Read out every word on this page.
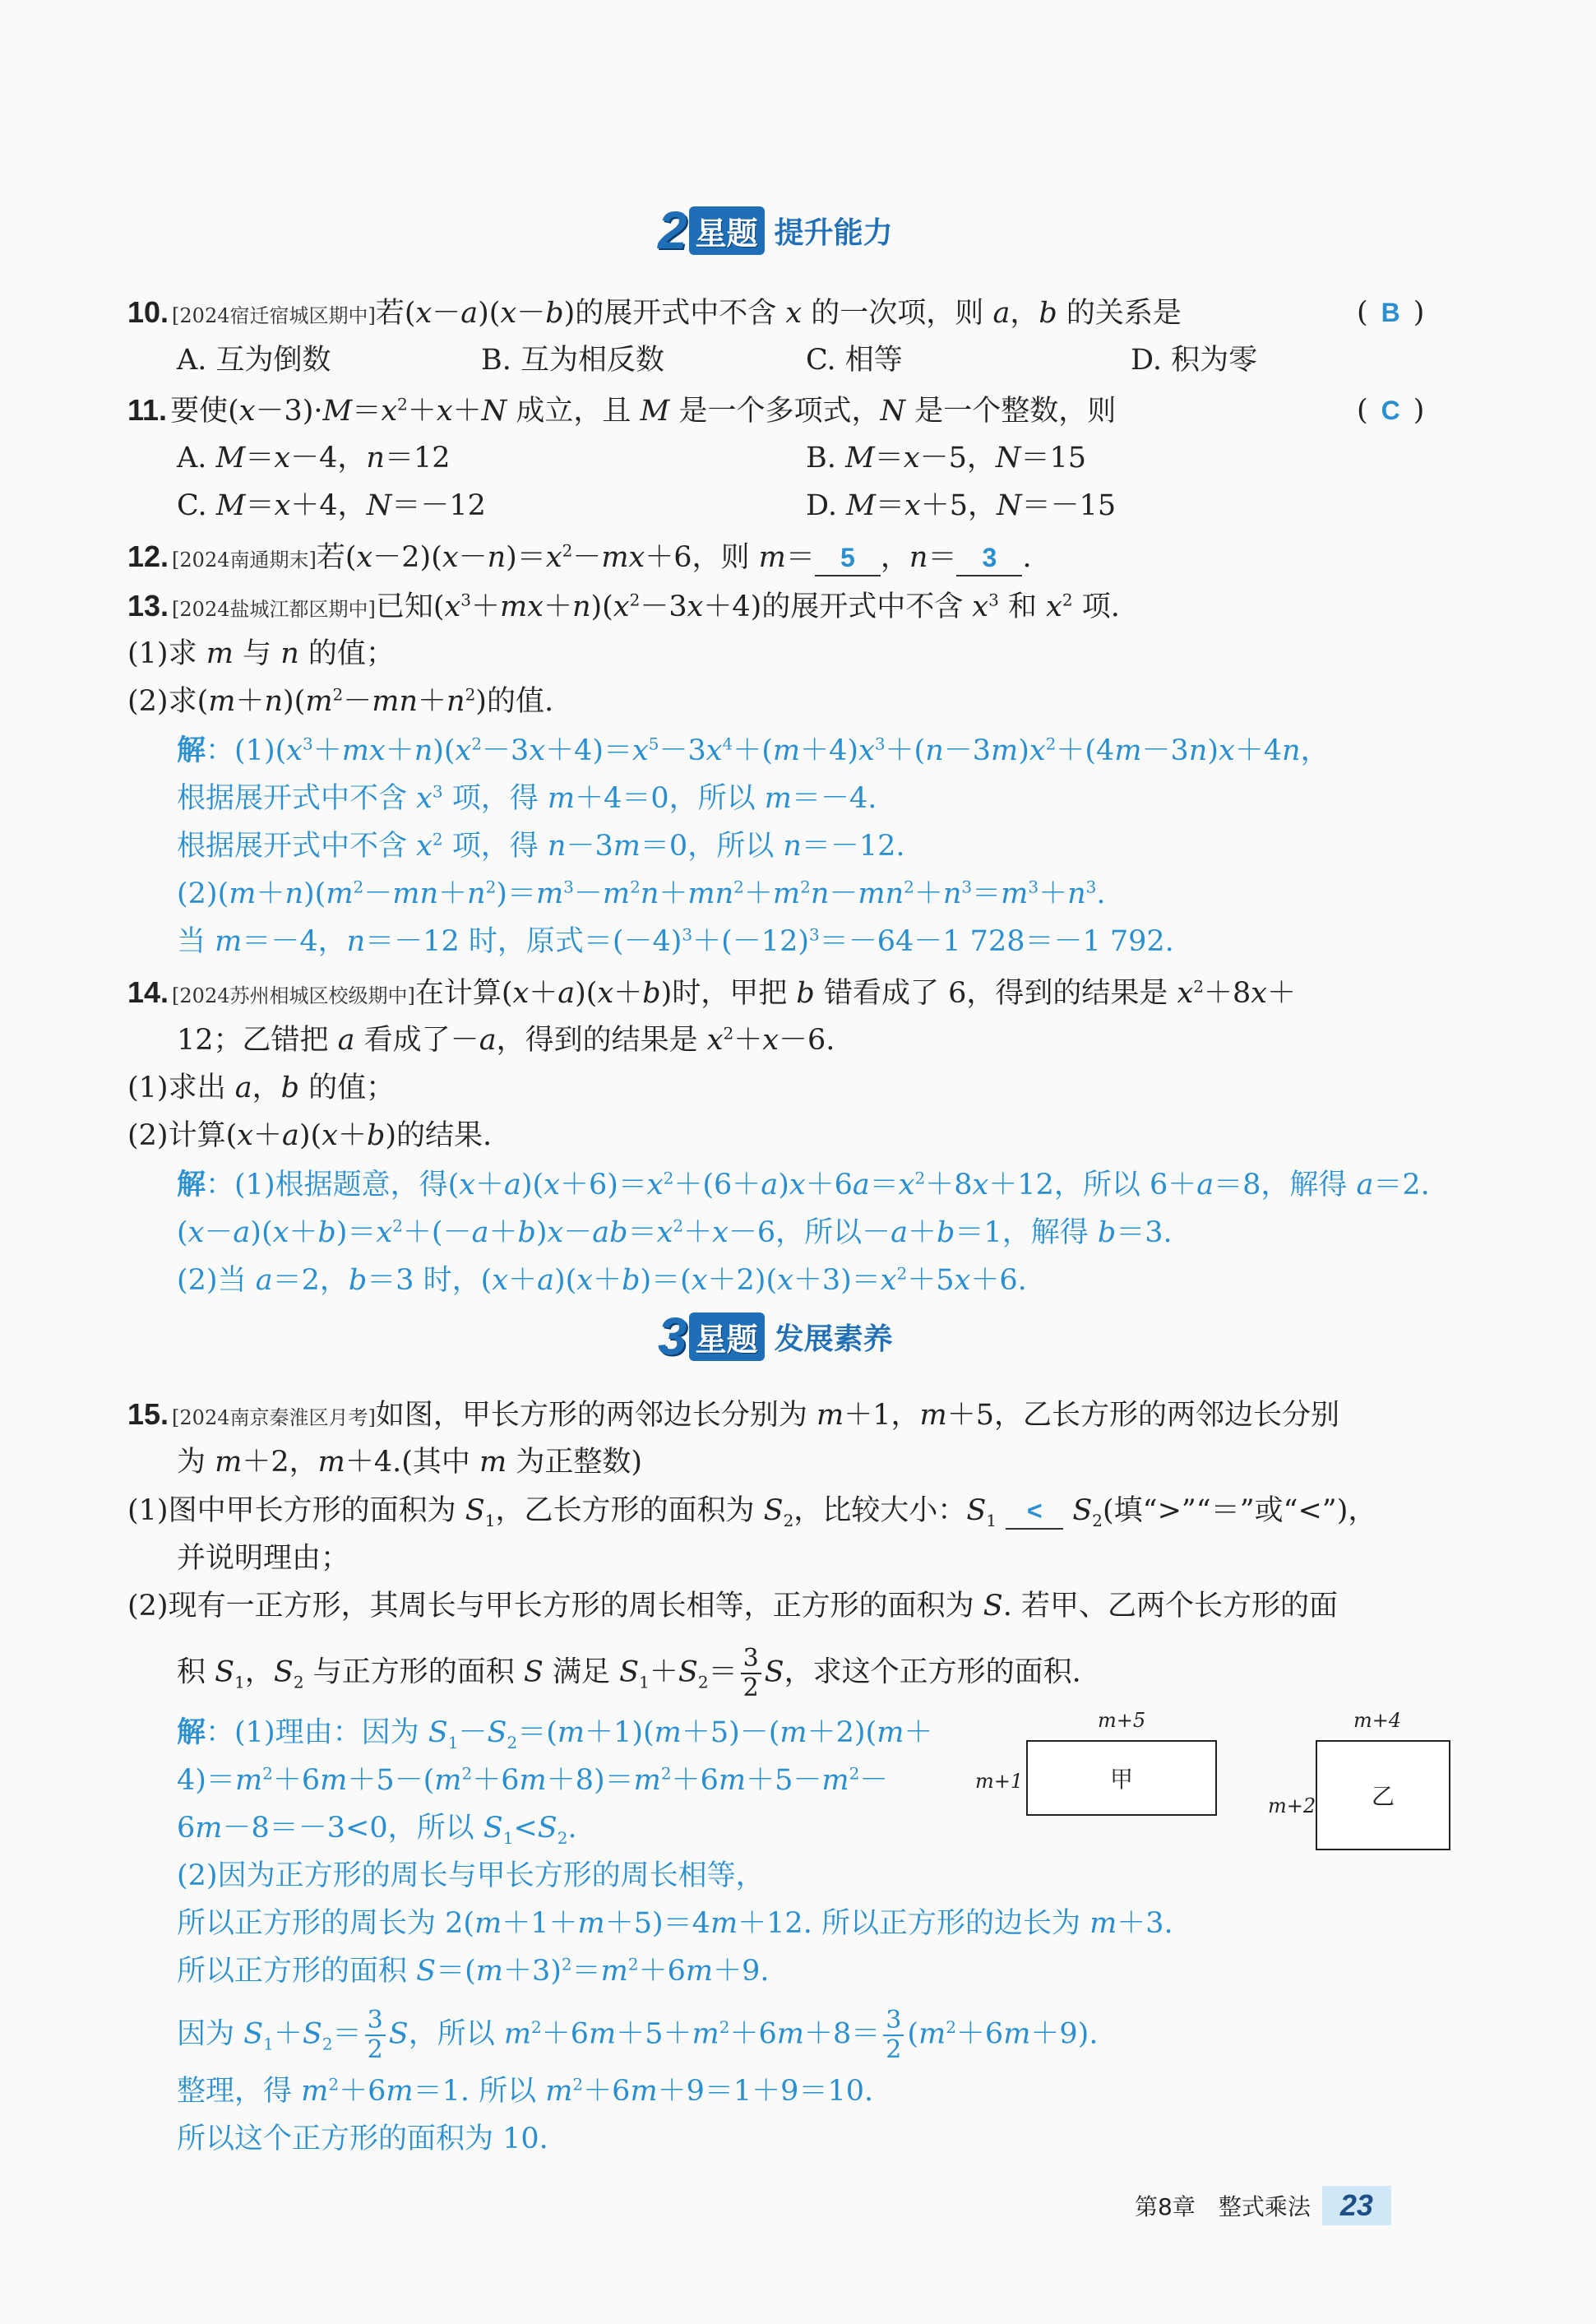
2 星题 提升能力
10. [2024宿迁宿城区期中]若(x－a)(x－b)的展开式中不含 x 的一次项，则 a，b 的关系是	( B )
A. 互为倒数	B. 互为相反数	C. 相等	D. 积为零
11. 要使$(x-3)\cdot M=x^2+x+N$ 成立，且 M 是一个多项式，N 是一个整数，则	( C )
A. M＝x－4，n＝12	B. M＝x－5，N＝15
C. M＝x＋4，N＝－12	D. M＝x＋5，N＝－15
12. [2024南通期末]若$(x-2)(x-n)=x^2-mx+6$，则 m＝ 5 ，n＝ 3 .
13. [2024盐城江都区期中]已知$(x^3+mx+n)(x^2-3x+4)$的展开式中不含 $x^3$ 和 $x^2$ 项.
(1)求 m 与 n 的值；
(2)求$(m+n)(m^2-mn+n^2)$的值.
解：$(1)(x^3+mx+n)(x^2-3x+4)=x^5-3x^4+(m+4)x^3+(n-3m)x^2+(4m-3n)x+4n$，
根据展开式中不含 $x^3$ 项，得 m＋4＝0，所以 m＝－4.
根据展开式中不含 $x^2$ 项，得 n－3m＝0，所以 n＝－12.
$(2)(m+n)(m^2-mn+n^2)=m^3-m^2n+mn^2+m^2n-mn^2+n^3=m^3+n^3$.
当 m＝－4，n＝－12 时，原式$=(-4)^3+(-12)^3=-64-1$ 728＝－1 792.
14. [2024苏州相城区校级期中]在计算(x＋a)(x＋b)时，甲把 b 错看成了 6，得到的结果是 $x^2+8x+$
12；乙错把 a 看成了－a，得到的结果是 $x^2+x-6$.
(1)求出 a，b 的值；
(2)计算(x＋a)(x＋b)的结果.
解：(1)根据题意，得$(x+a)(x+6)=x^2+(6+a)x+6a=x^2+8x+12$，所以 6＋a＝8，解得 a＝2.
$(x-a)(x+b)=x^2+(-a+b)x-ab=x^2+x-6$，所以－a＋b＝1，解得 b＝3.
(2)当 a＝2，b＝3 时，$(x+a)(x+b)=(x+2)(x+3)=x^2+5x+6$.
3 星题 发展素养
15. [2024南京秦淮区月考]如图，甲长方形的两邻边长分别为 m＋1，m＋5，乙长方形的两邻边长分别
为 m＋2，m＋4.(其中 m 为正整数)
(1)图中甲长方形的面积为 $S_1$，乙长方形的面积为 $S_2$，比较大小：$S_1 < S_2$(填“>”“＝”或“<”)，
并说明理由；
(2)现有一正方形，其周长与甲长方形的周长相等，正方形的面积为 S. 若甲、乙两个长方形的面
积 $S_1$，$S_2$ 与正方形的面积 S 满足 $S_1+S_2= \frac{3}{2}$ S，求这个正方形的面积.
解：(1)理由：因为 $S_1-S_2=(m+1)(m+5)-(m+2)(m+$
$4)=m^2+6m+5-(m^2+6m+8)=m^2+6m+5-m^2-$
6m－8＝－3<0，所以 $S_1<S_2$.
(2)因为正方形的周长与甲长方形的周长相等，
所以正方形的周长为 2(m＋1＋m＋5)＝4m＋12. 所以正方形的边长为 m＋3.
所以正方形的面积 $S=(m+3)^2=m^2+6m+9$.
因为 $S_1+S_2= \frac{3}{2}$ S，所以 $m^2+6m+5+m^2+6m+8= \frac{3}{2} (m^2+6m+9)$.
整理，得 $m^2+6m=1$. 所以 $m^2+6m+9=1+9=10$.
所以这个正方形的面积为 10.
m+5
m+1	甲
m+4
m+2 乙
第8章　整式乘法	23
